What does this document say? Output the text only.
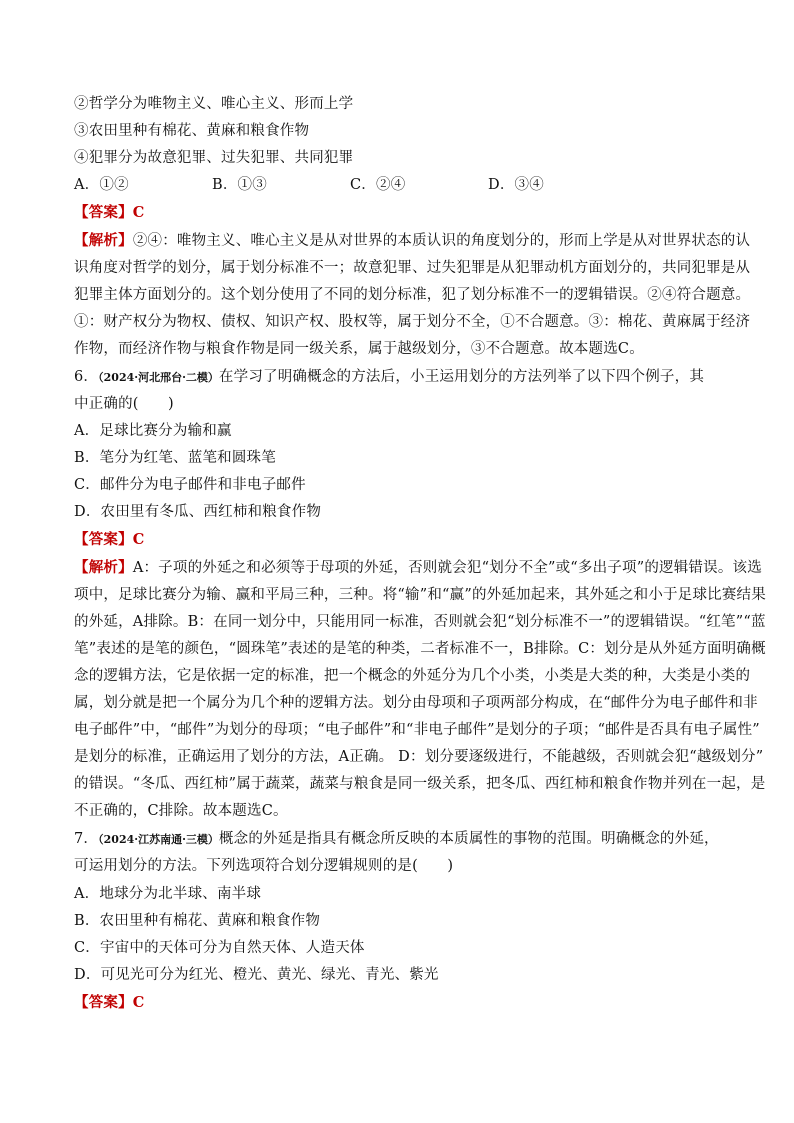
②哲学分为唯物主义、唯心主义、形而上学
③农田里种有棉花、黄麻和粮食作物
④犯罪分为故意犯罪、过失犯罪、共同犯罪
A．①②	B．①③	C．②④	D．③④
【答案】C
【解析】②④：唯物主义、唯心主义是从对世界的本质认识的角度划分的，形而上学是从对世界状态的认
识角度对哲学的划分，属于划分标准不一；故意犯罪、过失犯罪是从犯罪动机方面划分的，共同犯罪是从
犯罪主体方面划分的。这个划分使用了不同的划分标准，犯了划分标准不一的逻辑错误。②④符合题意。
①：财产权分为物权、债权、知识产权、股权等，属于划分不全，①不合题意。③：棉花、黄麻属于经济
作物，而经济作物与粮食作物是同一级关系，属于越级划分，③不合题意。故本题选C。
6．（2024·河北邢台·二模）在学习了明确概念的方法后，小王运用划分的方法列举了以下四个例子，其
中正确的(　　)
A．足球比赛分为输和赢
B．笔分为红笔、蓝笔和圆珠笔
C．邮件分为电子邮件和非电子邮件
D．农田里有冬瓜、西红柿和粮食作物
【答案】C
【解析】A：子项的外延之和必须等于母项的外延，否则就会犯“划分不全”或“多出子项”的逻辑错误。该选
项中，足球比赛分为输、赢和平局三种，三种。将“输”和“赢”的外延加起来，其外延之和小于足球比赛结果
的外延，A排除。B：在同一划分中，只能用同一标准，否则就会犯“划分标准不一”的逻辑错误。“红笔”“蓝
笔”表述的是笔的颜色，“圆珠笔”表述的是笔的种类，二者标准不一，B排除。C：划分是从外延方面明确概
念的逻辑方法，它是依据一定的标准，把一个概念的外延分为几个小类，小类是大类的种，大类是小类的
属，划分就是把一个属分为几个种的逻辑方法。划分由母项和子项两部分构成，在“邮件分为电子邮件和非
电子邮件”中，“邮件”为划分的母项；“电子邮件”和“非电子邮件”是划分的子项；“邮件是否具有电子属性”
是划分的标准，正确运用了划分的方法，A正确。 D：划分要逐级进行，不能越级，否则就会犯“越级划分”
的错误。“冬瓜、西红柿”属于蔬菜，蔬菜与粮食是同一级关系，把冬瓜、西红柿和粮食作物并列在一起，是
不正确的，C排除。故本题选C。
7．（2024·江苏南通·三模）概念的外延是指具有概念所反映的本质属性的事物的范围。明确概念的外延，
可运用划分的方法。下列选项符合划分逻辑规则的是(　　)
A．地球分为北半球、南半球
B．农田里种有棉花、黄麻和粮食作物
C．宇宙中的天体可分为自然天体、人造天体
D．可见光可分为红光、橙光、黄光、绿光、青光、紫光
【答案】C
